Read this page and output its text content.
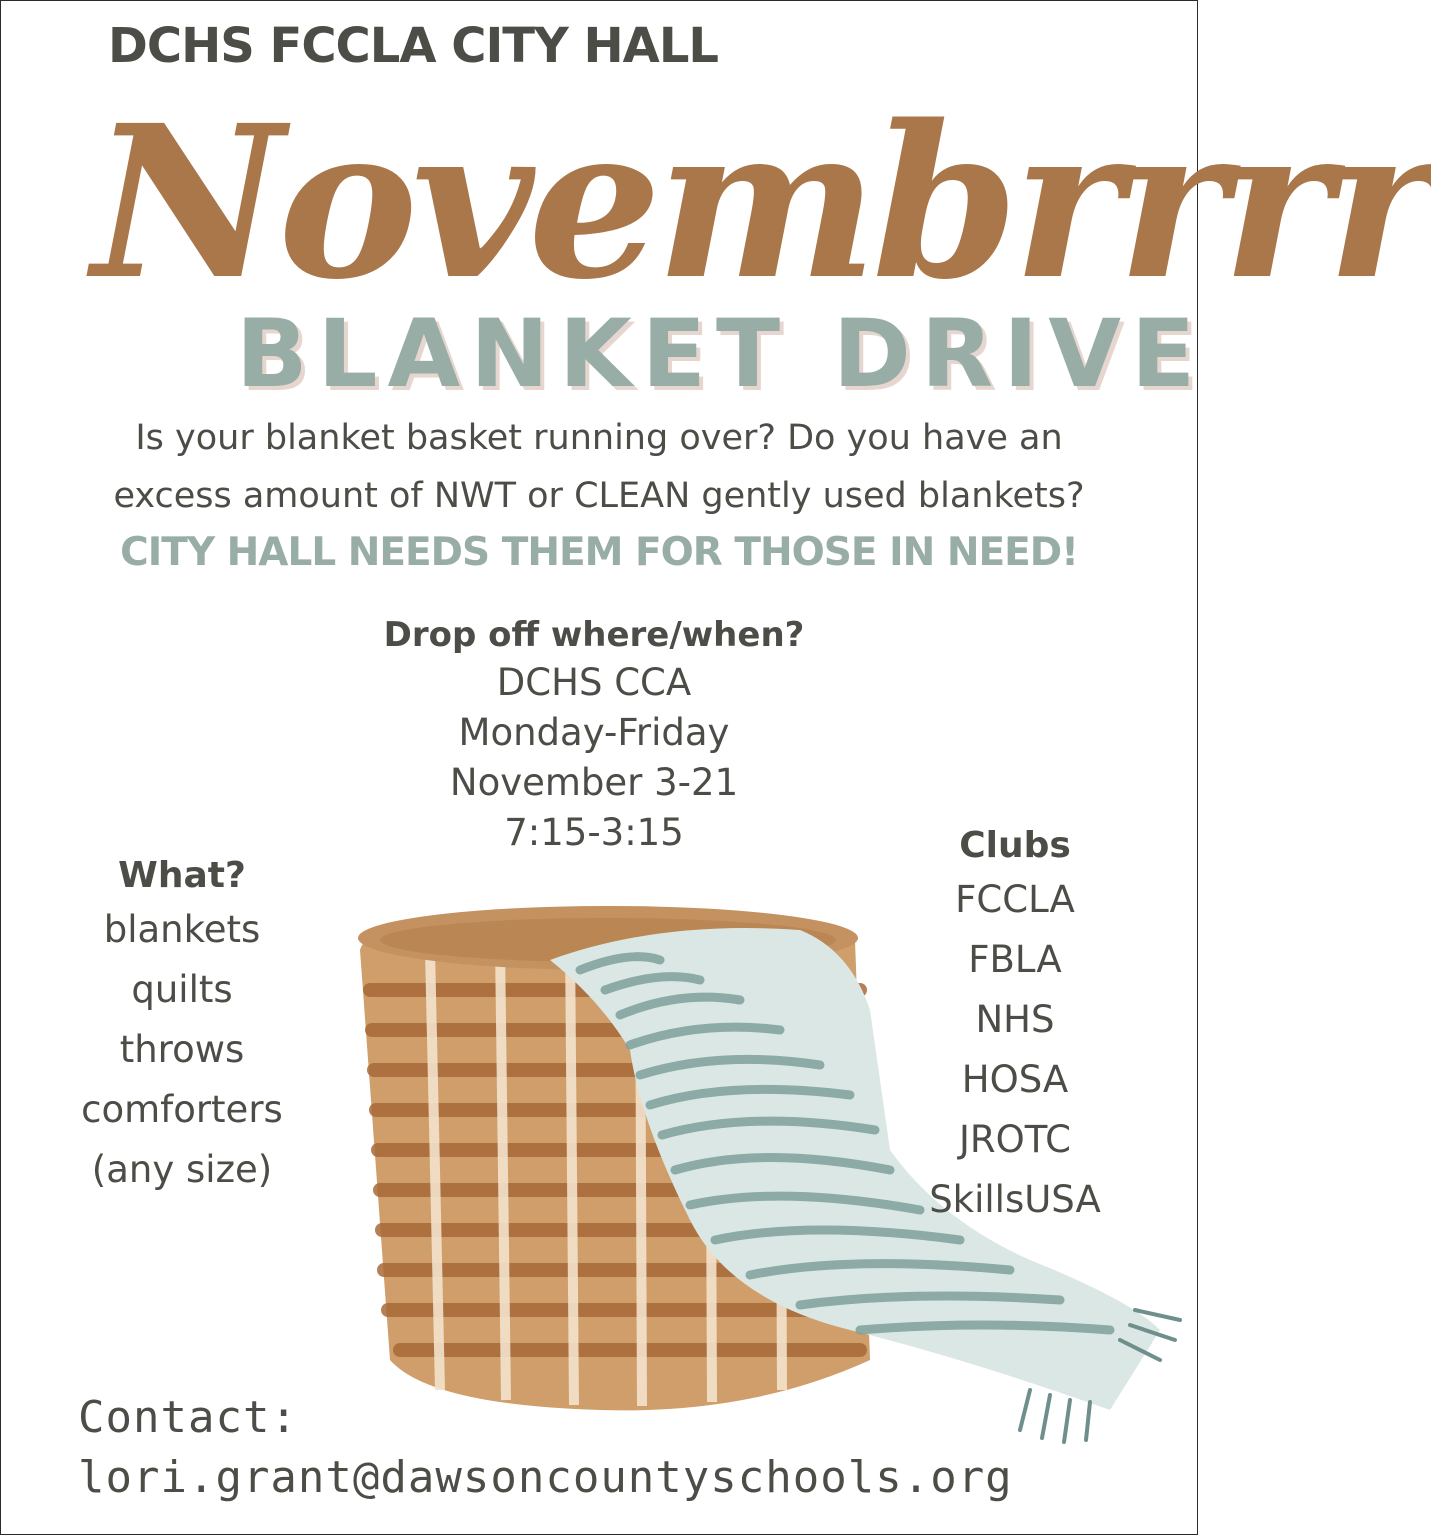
DCHS FCCLA CITY HALL
Novembrrrr
BLANKET DRIVE
Is your blanket basket running over? Do you have an
excess amount of NWT or CLEAN gently used blankets?
CITY HALL NEEDS THEM FOR THOSE IN NEED!
Drop off where/when?
DCHS CCA
Monday-Friday
November 3-21
7:15-3:15
What?
blankets
quilts
throws
comforters
(any size)
Clubs
FCCLA
FBLA
NHS
HOSA
JROTC
SkillsUSA
Contact:
lori.grant@dawsoncountyschools.org
